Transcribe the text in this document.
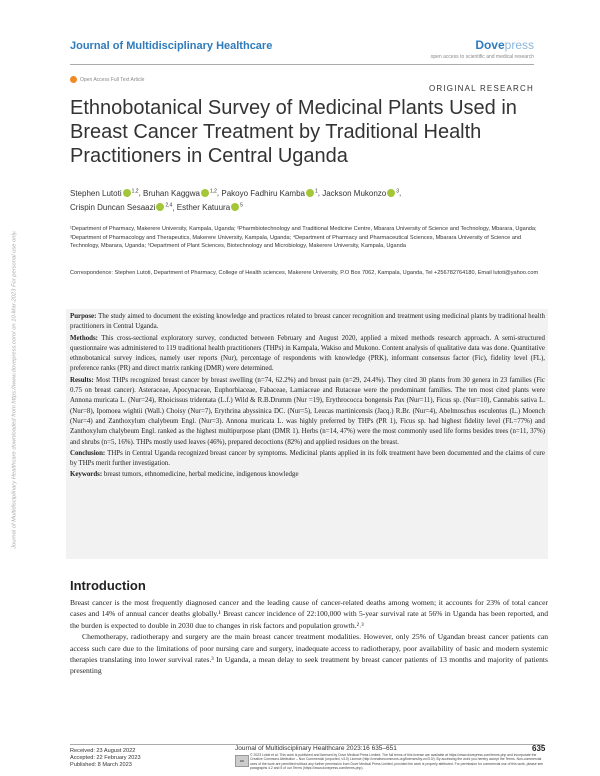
Journal of Multidisciplinary Healthcare	Dovepress
open access to scientific and medical research
Open Access Full Text Article
ORIGINAL RESEARCH
Ethnobotanical Survey of Medicinal Plants Used in Breast Cancer Treatment by Traditional Health Practitioners in Central Uganda
Stephen Lutoti $^{1,2}$, Bruhan Kaggwa $^{1,2}$, Pakoyo Fadhiru Kamba $^1$, Jackson Mukonzo $^3$,
Crispin Duncan Sesaazi $^{2,4}$, Esther Katuura $^5$
¹Department of Pharmacy, Makerere University, Kampala, Uganda; ²Pharmbiotechnology and Traditional Medicine Centre, Mbarara University of Science and Technology, Mbarara, Uganda; ³Department of Pharmacology and Therapeutics, Makerere University, Kampala, Uganda; ⁴Department of Pharmacy and Pharmaceutical Sciences, Mbarara University of Science and Technology, Mbarara, Uganda; ⁵Department of Plant Sciences, Biotechnology and Microbiology, Makerere University, Kampala, Uganda
Correspondence: Stephen Lutoti, Department of Pharmacy, College of Health sciences, Makerere University, P.O Box 7062, Kampala, Uganda, Tel +256782764180, Email lutoti@yahoo.com

Purpose: The study aimed to document the existing knowledge and practices related to breast cancer recognition and treatment using medicinal plants by traditional health practitioners in Central Uganda.

Methods: This cross-sectional exploratory survey, conducted between February and August 2020, applied a mixed methods research approach. A semi-structured questionnaire was administered to 119 traditional health practitioners (THPs) in Kampala, Wakiso and Mukono. Content analysis of qualitative data was done. Quantitative ethnobotanical survey indices, namely user reports (Nur), percentage of respondents with knowledge (PRK), informant consensus factor (Fic), fidelity level (FL), preference ranks (PR) and direct matrix ranking (DMR) were determined.

Results: Most THPs recognized breast cancer by breast swelling (n=74, 62.2%) and breast pain (n=29, 24.4%). They cited 30 plants from 30 genera in 23 families (Fic 0.75 on breast cancer). Asteraceae, Apocynaceae, Euphorbiaceae, Fabaceae, Lamiaceae and Rutaceae were the predominant families. The ten most cited plants were Annona muricata L. (Nur=24), Rhoicissus tridentata (L.f.) Wild & R.B.Drumm (Nur =19), Erythrococca bongensis Pax (Nur=11), Ficus sp. (Nur=10), Cannabis sativa L. (Nur=8), Ipomoea wightii (Wall.) Choisy (Nur=7), Erythrina abyssinica DC. (Nur=5), Leucas martinicensis (Jacq.) R.Br. (Nur=4), Abelmoschus esculentus (L.) Moench (Nur=4) and Zanthoxylum chalybeum Engl. (Nur=3). Annona muricata L. was highly preferred by THPs (PR 1), Ficus sp. had highest fidelity level (FL=77%) and Zanthoxylum chalybeum Engl. ranked as the highest multipurpose plant (DMR 1). Herbs (n=14, 47%) were the most commonly used life forms besides trees (n=11, 37%) and shrubs (n=5, 16%). THPs mostly used leaves (46%), prepared decoctions (82%) and applied residues on the breast.

Conclusion: THPs in Central Uganda recognized breast cancer by symptoms. Medicinal plants applied in its folk treatment have been documented and the claims of cure by THPs merit further investigation.

Keywords: breast tumors, ethnomedicine, herbal medicine, indigenous knowledge

Introduction

Breast cancer is the most frequently diagnosed cancer and the leading cause of cancer-related deaths among women; it accounts for 23% of total cancer cases and 14% of annual cancer deaths globally.¹ Breast cancer incidence of 22:100,000 with 5-year survival rate at 56% in Uganda has been reported, and the burden is expected to double in 2030 due to changes in risk factors and population growth.²˒³

Chemotherapy, radiotherapy and surgery are the main breast cancer treatment modalities. However, only 25% of Ugandan breast cancer patients can access such care due to the limitations of poor nursing care and surgery, inadequate access to radiotherapy, poor availability of basic and modern systemic therapies translating into lower survival rates.³ In Uganda, a mean delay to seek treatment by breast cancer patients of 13 months and majority of patients presenting

Received: 23 August 2022
Accepted: 22 February 2023
Published: 8 March 2023
Journal of Multidisciplinary Healthcare 2023:16 635–651	635
cc
© 2023 Lutoti et al. This work is published and licensed by Dove Medical Press Limited. The full terms of this license are available at https://www.dovepress.com/terms.php and incorporate the Creative Commons Attribution – Non Commercial (unported, v3.0) License (http://creativecommons.org/licenses/by-nc/3.0/). By accessing the work you hereby accept the Terms. Non-commercial uses of the work are permitted without any further permission from Dove Medical Press Limited, provided the work is properly attributed. For permission for commercial use of this work, please see paragraphs 4.2 and 5 of our Terms (https://www.dovepress.com/terms.php).
Journal of Multidisciplinary Healthcare downloaded from https://www.dovepress.com/ on 10-Mar-2023 For personal use only.
